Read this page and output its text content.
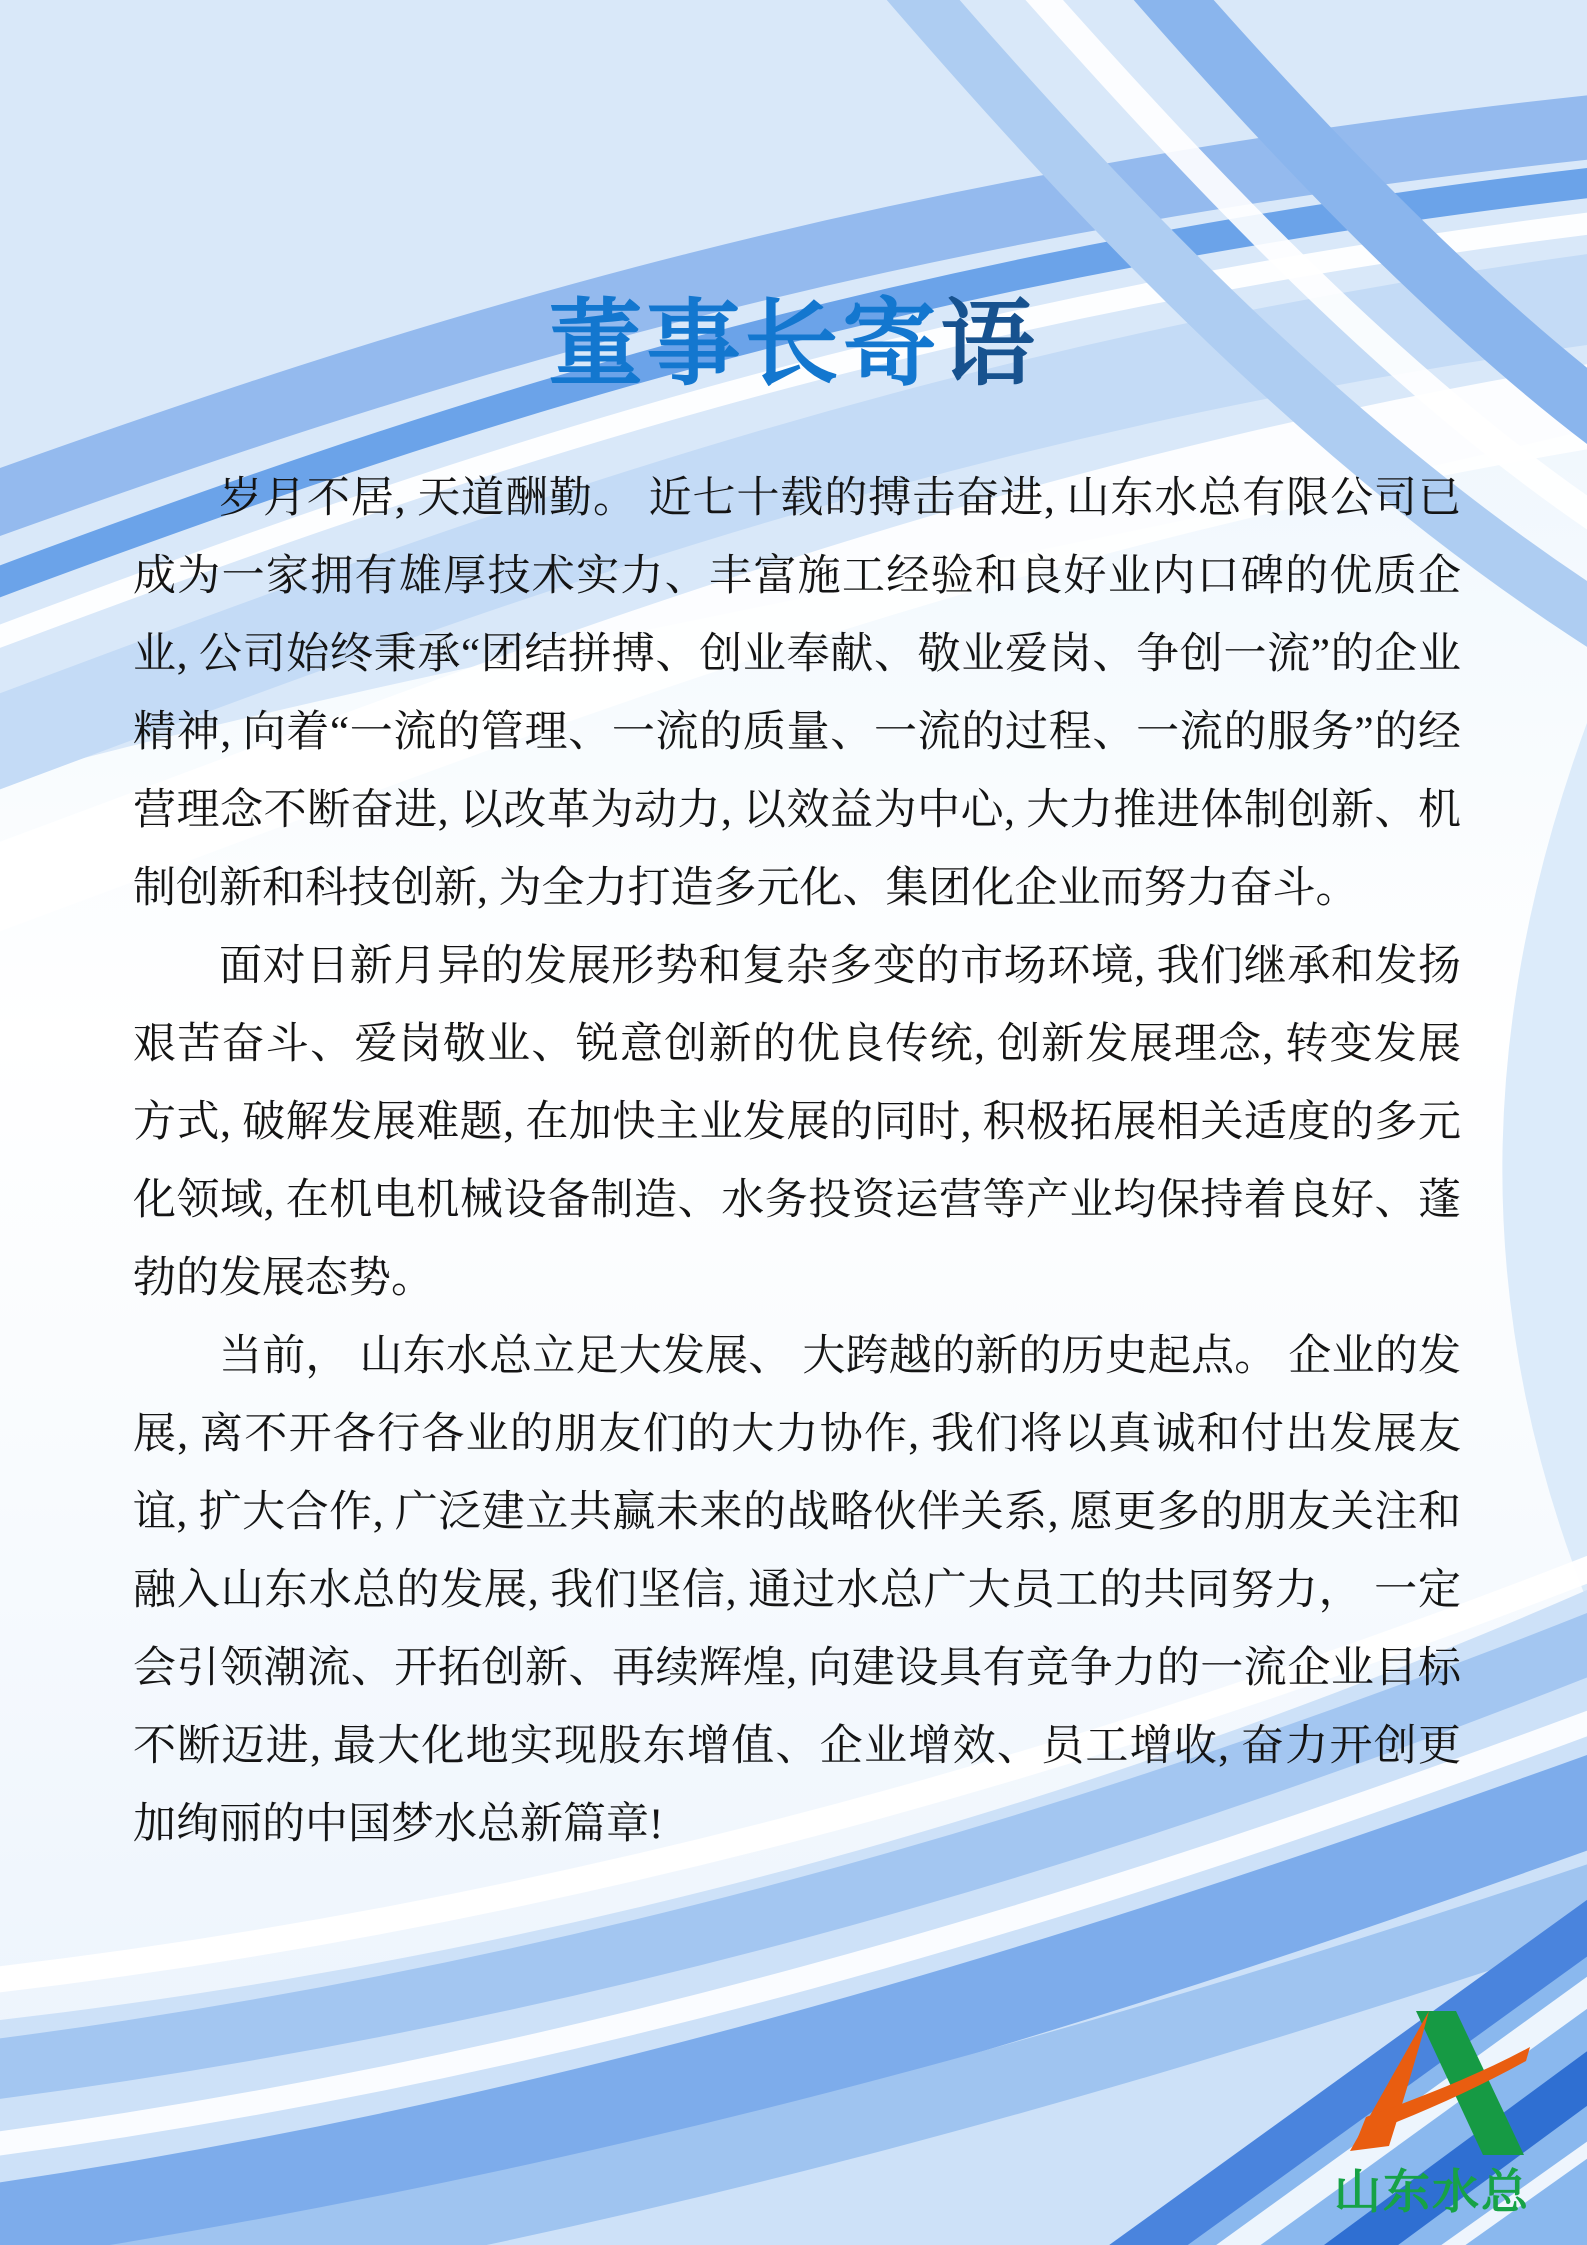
董事长寄语

岁月不居, 天道酬勤。 近七十载的搏击奋进, 山东水总有限公司已成为一家拥有雄厚技术实力、丰富施工经验和良好业内口碑的优质企业, 公司始终秉承“团结拼搏、创业奉献、敬业爱岗、争创一流”的企业精神, 向着“一流的管理、一流的质量、一流的过程、一流的服务”的经营理念不断奋进, 以改革为动力, 以效益为中心, 大力推进体制创新、机制创新和科技创新, 为全力打造多元化、集团化企业而努力奋斗。

面对日新月异的发展形势和复杂多变的市场环境, 我们继承和发扬艰苦奋斗、爱岗敬业、锐意创新的优良传统, 创新发展理念, 转变发展方式, 破解发展难题, 在加快主业发展的同时, 积极拓展相关适度的多元化领域, 在机电机械设备制造、水务投资运营等产业均保持着良好、蓬勃的发展态势。

当前， 山东水总立足大发展、 大跨越的新的历史起点。 企业的发展, 离不开各行各业的朋友们的大力协作, 我们将以真诚和付出发展友谊, 扩大合作, 广泛建立共赢未来的战略伙伴关系, 愿更多的朋友关注和融入山东水总的发展, 我们坚信, 通过水总广大员工的共同努力， 一定会引领潮流、开拓创新、再续辉煌, 向建设具有竞争力的一流企业目标不断迈进, 最大化地实现股东增值、企业增效、员工增收, 奋力开创更加绚丽的中国梦水总新篇章!

山东水总
